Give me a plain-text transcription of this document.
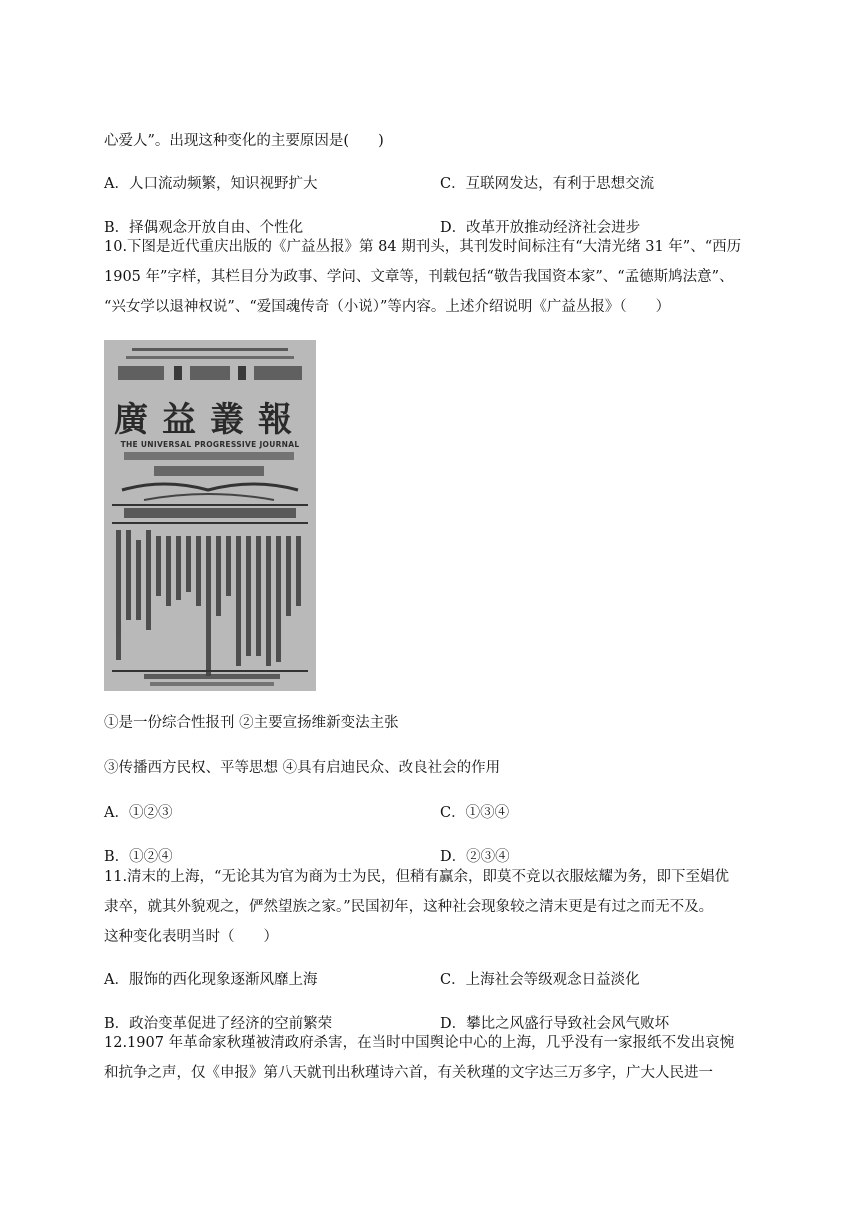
心爱人”。出现这种变化的主要原因是(　　)
A．人口流动频繁，知识视野扩大	C．互联网发达，有利于思想交流
B．择偶观念开放自由、个性化	D．改革开放推动经济社会进步
10.下图是近代重庆出版的《广益丛报》第 84 期刊头，其刊发时间标注有“大清光绪 31 年”、“西历
1905 年”字样，其栏目分为政事、学问、文章等，刊载包括“敬告我国资本家”、“孟德斯鸠法意”、
“兴女学以退神权说”、“爱国魂传奇（小说）”等内容。上述介绍说明《广益丛报》（　　）
廣益叢報
THE UNIVERSAL PROGRESSIVE JOURNAL
①是一份综合性报刊 ②主要宣扬维新变法主张
③传播西方民权、平等思想 ④具有启迪民众、改良社会的作用
A．①②③	C．①③④
B．①②④	D．②③④
11.清末的上海，“无论其为官为商为士为民，但稍有赢余，即莫不竞以衣服炫耀为务，即下至娼优
隶卒，就其外貌观之，俨然望族之家。”民国初年，这种社会现象较之清末更是有过之而无不及。
这种变化表明当时（　　）
A．服饰的西化现象逐渐风靡上海	C．上海社会等级观念日益淡化
B．政治变革促进了经济的空前繁荣	D．攀比之风盛行导致社会风气败坏
12.1907 年革命家秋瑾被清政府杀害，在当时中国舆论中心的上海，几乎没有一家报纸不发出哀惋
和抗争之声，仅《申报》第八天就刊出秋瑾诗六首，有关秋瑾的文字达三万多字，广大人民进一
